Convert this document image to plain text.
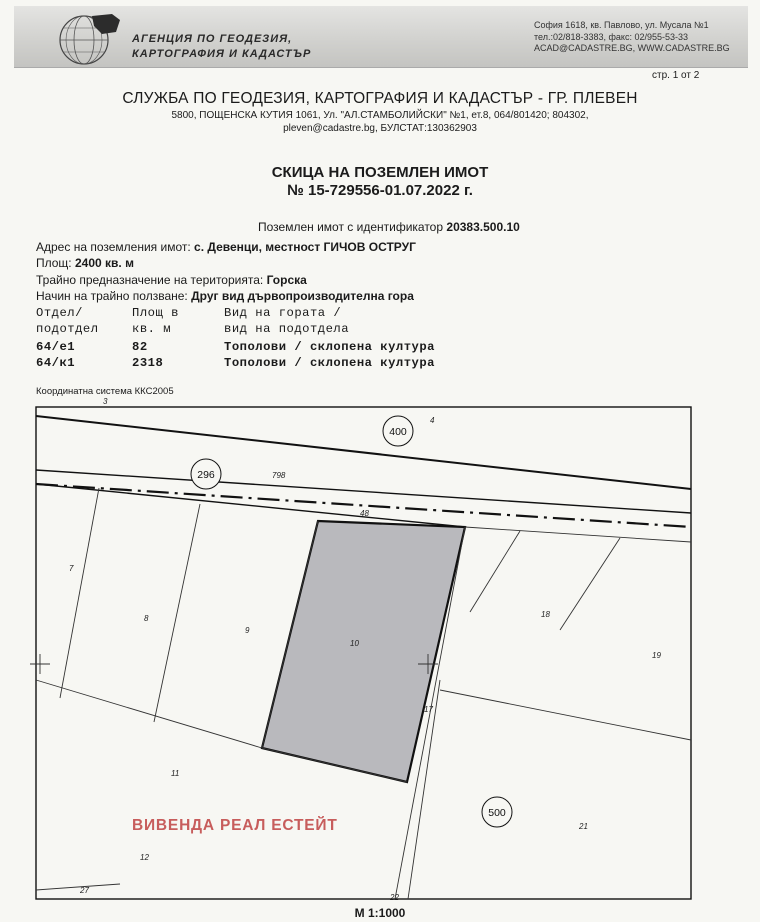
АГЕНЦИЯ ПО ГЕОДЕЗИЯ,
КАРТОГРАФИЯ И КАДАСТЪР
София 1618, кв. Павлово, ул. Мусала №1
тел.:02/818-3383, факс: 02/955-53-33
ACAD@CADASTRE.BG, WWW.CADASTRE.BG
стр. 1 от 2
СЛУЖБА ПО ГЕОДЕЗИЯ, КАРТОГРАФИЯ И КАДАСТЪР - ГР. ПЛЕВЕН
5800, ПОЩЕНСКА КУТИЯ 1061, Ул. "АЛ.СТАМБОЛИЙСКИ" №1, ет.8, 064/801420; 804302,
pleven@cadastre.bg, БУЛСТАТ:130362903
СКИЦА НА ПОЗЕМЛЕН ИМОТ
№ 15-729556-01.07.2022 г.
Поземлен имот с идентификатор 20383.500.10
Адрес на поземления имот: с. Девенци, местност ГИЧОВ ОСТРУГ
Площ: 2400 кв. м
Трайно предназначение на територията: Горска
Начин на трайно ползване: Друг вид дървопроизводителна гора
Отдел/	Площ в	Вид на гората /
подотдел	кв. м	вид на подотдела
64/е1	82	Тополови / склопена култура
64/к1	2318	Тополови / склопена култура
Координатна система ККС2005
400
296
500
3
4
798
48
7
8
9
10
18
19
17
11
21
12
27
22
ВИВЕНДА РЕАЛ ЕСТЕЙТ
М 1:1000
